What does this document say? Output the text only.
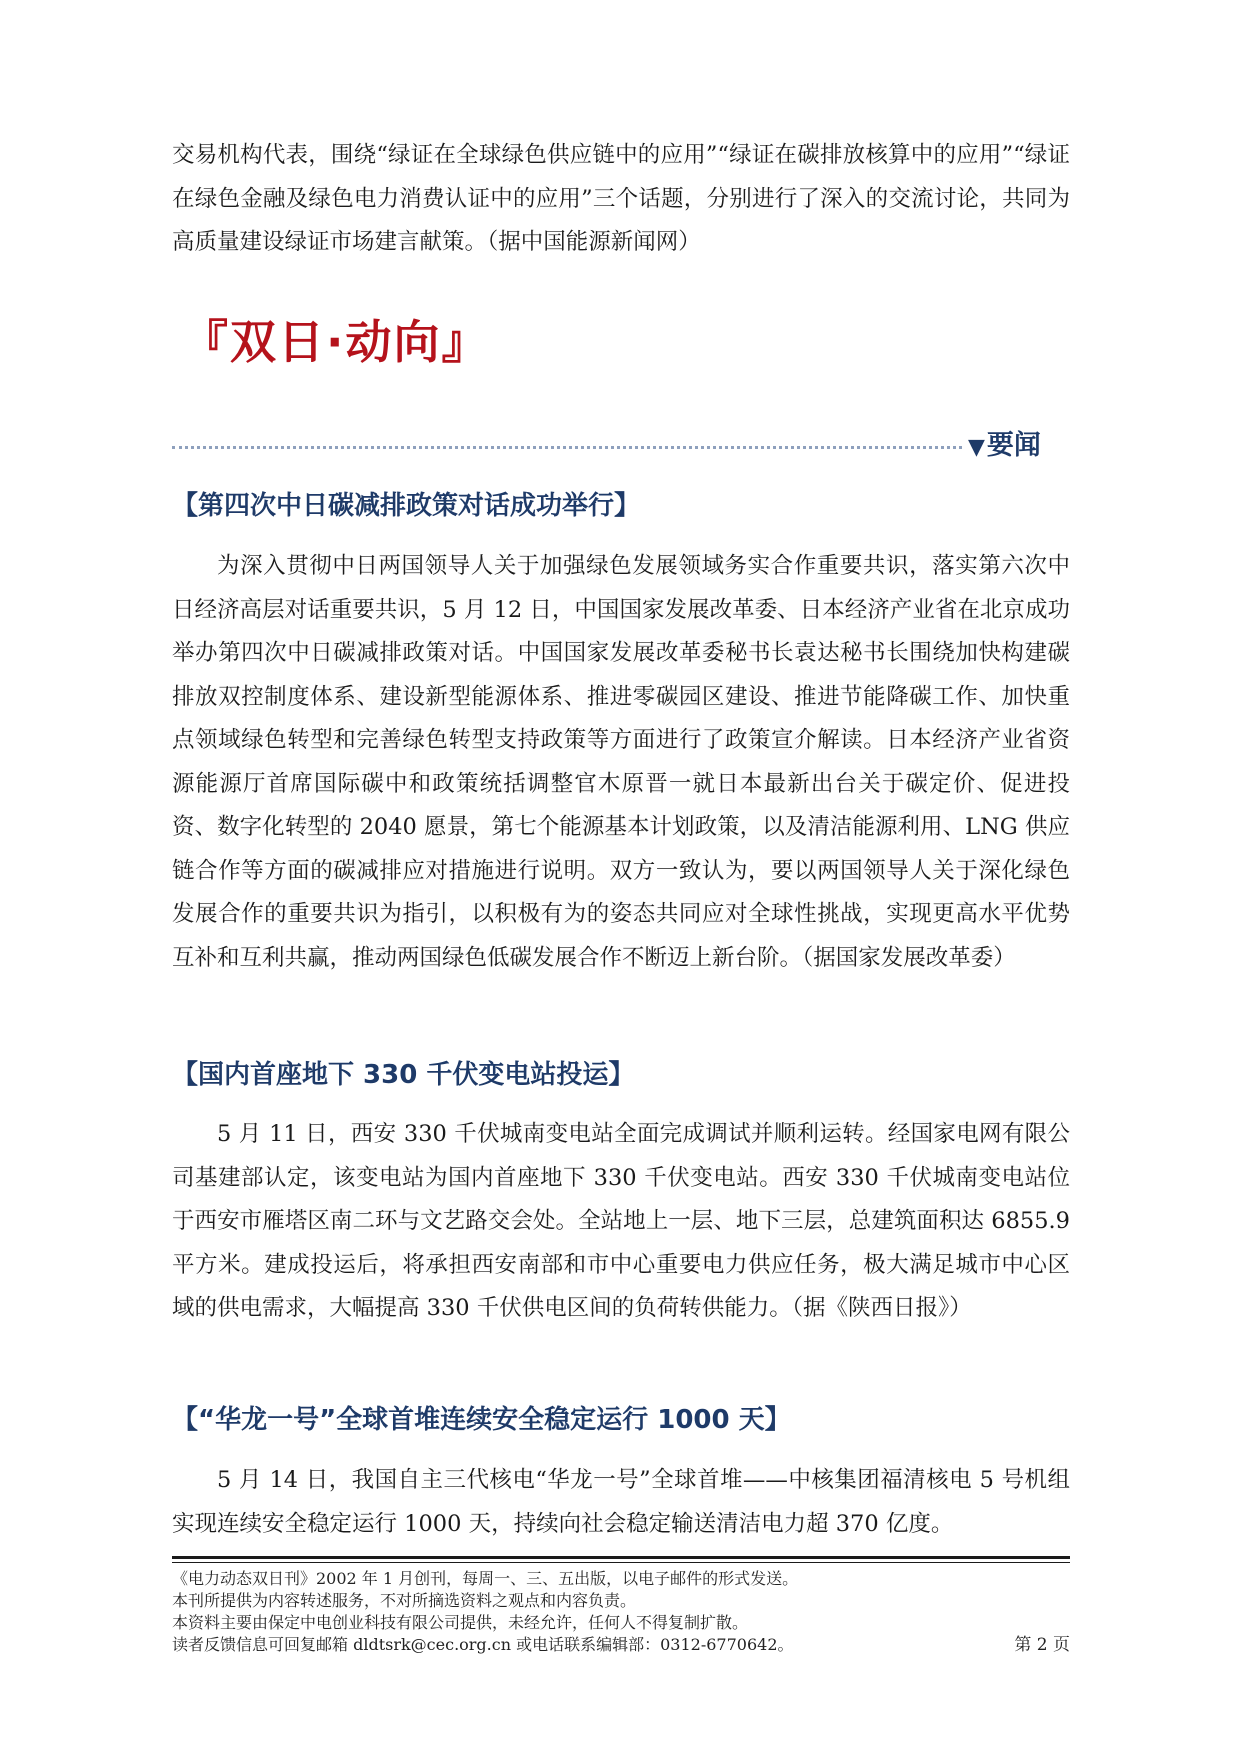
交易机构代表，围绕“绿证在全球绿色供应链中的应用”“绿证在碳排放核算中的应用”“绿证在绿色金融及绿色电力消费认证中的应用”三个话题，分别进行了深入的交流讨论，共同为高质量建设绿证市场建言献策。（据中国能源新闻网）

『双日·动向』
▼要闻
【第四次中日碳减排政策对话成功举行】

为深入贯彻中日两国领导人关于加强绿色发展领域务实合作重要共识，落实第六次中日经济高层对话重要共识，5 月 12 日，中国国家发展改革委、日本经济产业省在北京成功举办第四次中日碳减排政策对话。中国国家发展改革委秘书长袁达秘书长围绕加快构建碳排放双控制度体系、建设新型能源体系、推进零碳园区建设、推进节能降碳工作、加快重点领域绿色转型和完善绿色转型支持政策等方面进行了政策宣介解读。日本经济产业省资源能源厅首席国际碳中和政策统括调整官木原晋一就日本最新出台关于碳定价、促进投资、数字化转型的 2040 愿景，第七个能源基本计划政策，以及清洁能源利用、LNG 供应链合作等方面的碳减排应对措施进行说明。双方一致认为，要以两国领导人关于深化绿色发展合作的重要共识为指引，以积极有为的姿态共同应对全球性挑战，实现更高水平优势互补和互利共赢，推动两国绿色低碳发展合作不断迈上新台阶。（据国家发展改革委）

【国内首座地下 330 千伏变电站投运】

5 月 11 日，西安 330 千伏城南变电站全面完成调试并顺利运转。经国家电网有限公司基建部认定，该变电站为国内首座地下 330 千伏变电站。西安 330 千伏城南变电站位于西安市雁塔区南二环与文艺路交会处。全站地上一层、地下三层，总建筑面积达 6855.9 平方米。建成投运后，将承担西安南部和市中心重要电力供应任务，极大满足城市中心区域的供电需求，大幅提高 330 千伏供电区间的负荷转供能力。（据《陕西日报》）

【“华龙一号”全球首堆连续安全稳定运行 1000 天】

5 月 14 日，我国自主三代核电“华龙一号”全球首堆——中核集团福清核电 5 号机组实现连续安全稳定运行 1000 天，持续向社会稳定输送清洁电力超 370 亿度。

《电力动态双日刊》2002 年 1 月创刊，每周一、三、五出版，以电子邮件的形式发送。

本刊所提供为内容转述服务，不对所摘选资料之观点和内容负责。

本资料主要由保定中电创业科技有限公司提供，未经允许，任何人不得复制扩散。

读者反馈信息可回复邮箱 dldtsrk@cec.org.cn 或电话联系编辑部：0312-6770642。	第 2 页
